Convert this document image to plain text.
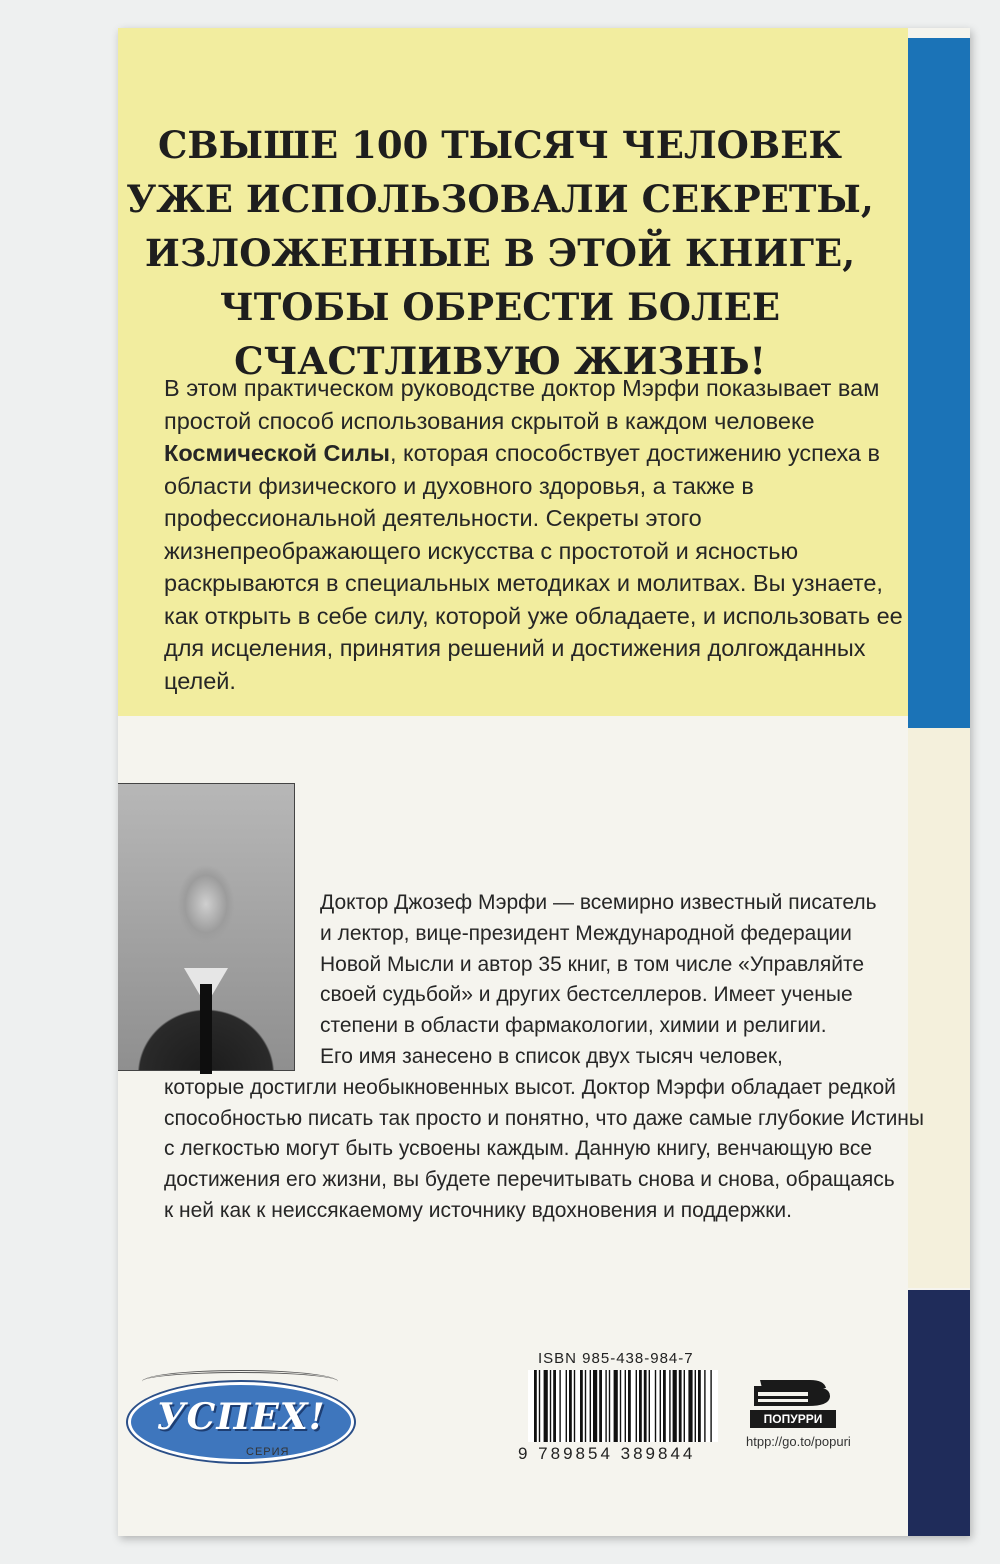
СВЫШЕ 100 ТЫСЯЧ ЧЕЛОВЕК
УЖЕ ИСПОЛЬЗОВАЛИ СЕКРЕТЫ,
ИЗЛОЖЕННЫЕ В ЭТОЙ КНИГЕ,
ЧТОБЫ ОБРЕСТИ БОЛЕЕ
СЧАСТЛИВУЮ ЖИЗНЬ!

В этом практическом руководстве доктор Мэрфи показывает вам простой способ использования скрытой в каждом человеке Космической Силы, которая способствует достижению успеха в области физического и духовного здоровья, а также в профессиональной деятельности. Секреты этого жизнепреображающего искусства с простотой и ясностью раскрываются в специальных методиках и молитвах. Вы узнаете, как открыть в себе силу, которой уже обладаете, и использовать ее для исцеления, принятия решений и достижения долгожданных целей.

Доктор Джозеф Мэрфи — всемирно известный писатель
и лектор, вице-президент Международной федерации
Новой Мысли и автор 35 книг, в том числе «Управляйте
своей судьбой» и других бестселлеров. Имеет ученые
степени в области фармакологии, химии и религии.
Его имя занесено в список двух тысяч человек,
которые достигли необыкновенных высот. Доктор Мэрфи обладает редкой
способностью писать так просто и понятно, что даже самые глубокие Истины
с легкостью могут быть усвоены каждым. Данную книгу, венчающую все
достижения его жизни, вы будете перечитывать снова и снова, обращаясь
к ней как к неиссякаемому источнику вдохновения и поддержки.

УСПЕХ!
СЕРИЯ

ISBN 985-438-984-7

9 789854 389844

ПОПУРРИ

htpp://go.to/popuri
